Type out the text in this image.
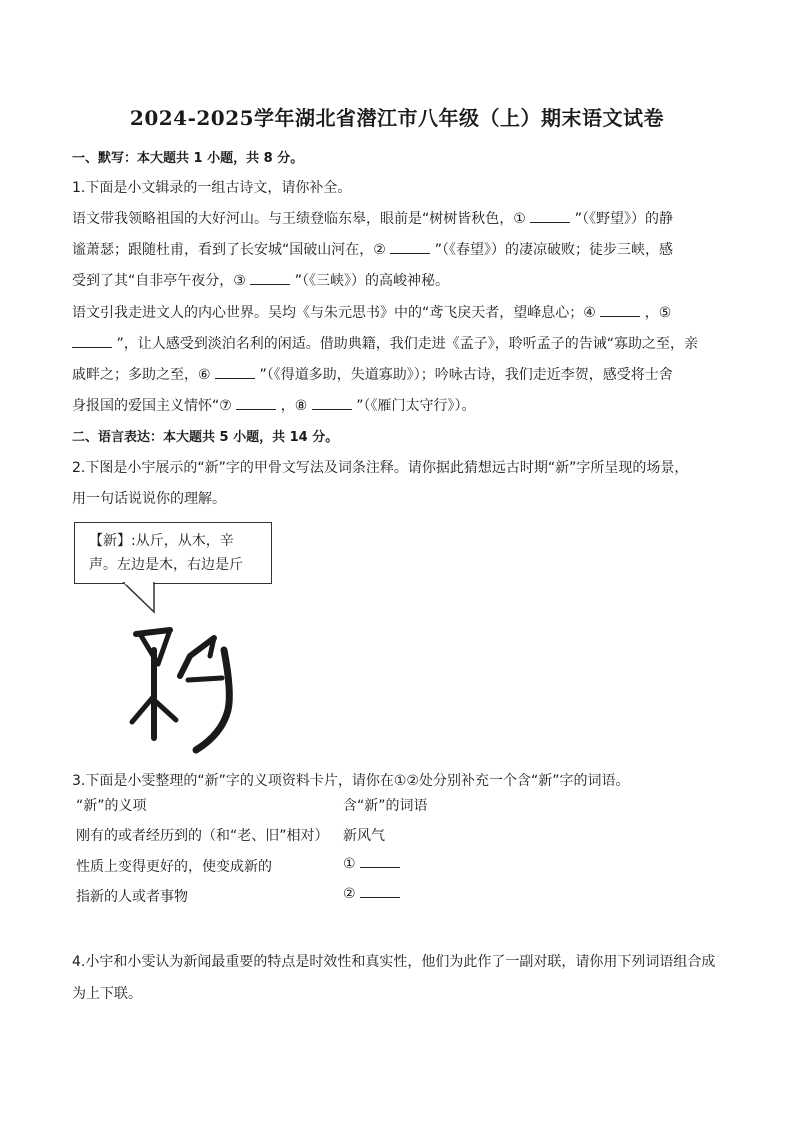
2024-2025学年湖北省潜江市八年级（上）期末语文试卷
一、默写：本大题共 1 小题，共 8 分。
1.下面是小文辑录的一组古诗文，请你补全。
语文带我领略祖国的大好河山。与王绩登临东皋，眼前是“树树皆秋色，①	”（《野望》）的静
谧萧瑟；跟随杜甫，看到了长安城“国破山河在，②	”（《春望》）的凄凉破败；徒步三峡，感
受到了其“自非亭午夜分，③	”（《三峡》）的高峻神秘。
语文引我走进文人的内心世界。吴均《与朱元思书》中的“鸢飞戾天者，望峰息心；④	，⑤
”，让人感受到淡泊名利的闲适。借助典籍，我们走进《孟子》，聆听孟子的告诫“寡助之至，亲
戚畔之；多助之至，⑥	”（《得道多助，失道寡助》）；吟咏古诗，我们走近李贺，感受将士舍
身报国的爱国主义情怀“⑦	，⑧	”（《雁门太守行》）。
二、语言表达：本大题共 5 小题，共 14 分。
2.下图是小宇展示的“新”字的甲骨文写法及词条注释。请你据此猜想远古时期“新”字所呈现的场景，
用一句话说说你的理解。
【新】:从斤，从木，辛
声。左边是木，右边是斤
3.下面是小雯整理的“新”字的义项资料卡片，请你在①②处分别补充一个含“新”字的词语。
“新”的义项	含“新”的词语
刚有的或者经历到的（和“老、旧”相对） 新风气
性质上变得更好的，使变成新的	①
指新的人或者事物	②
4.小宇和小雯认为新闻最重要的特点是时效性和真实性，他们为此作了一副对联，请你用下列词语组合成
为上下联。
